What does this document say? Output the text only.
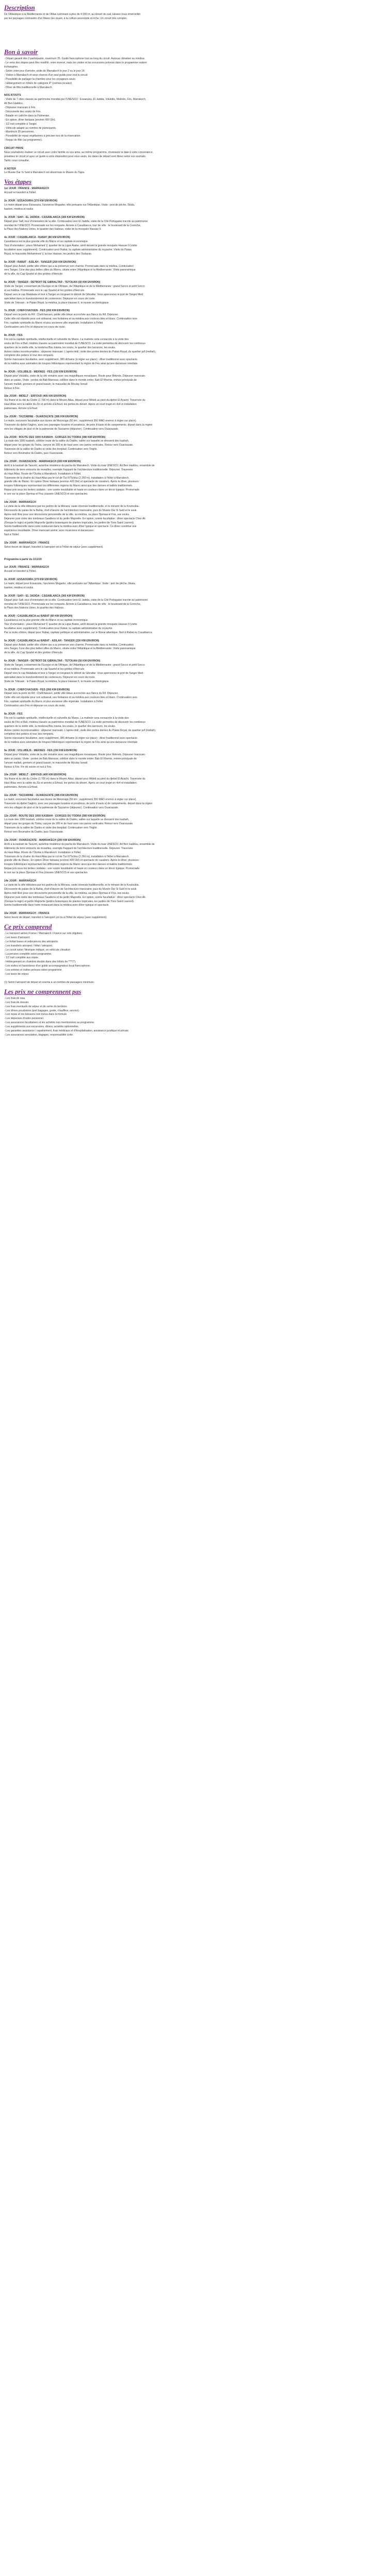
Description
De l'Atlantique à la Méditerranée et de l'Atlas culminant à plus de 4 000 m, au désert du sud, laissez-vous émerveiller
par les paysages contrastés d'un Maroc bio vivant, à la culture ancestrale et riche. Un circuit très complet.
Bon à savoir
- Départ garanti dès 2 participants, maximum 35. Guide francophone tout au long du circuit. Autocar climatisé ou minibus.
- Le sens des étapes peut être modifié, voire inversé, mais les visites et les excursions prévues dans le programme restent
inchangées.
- Selon votre jour d'arrivée, visite de Marrakech le jour 2 ou le jour 14.
- Visites à Marrakech et sous réserve d'un seul guide pour tout le circuit.
- Possibilité de partager la chambre pour les voyageurs seuls.
- Hébergement en hôtels de catégorie 4* (normes locales).
- Dîner de fête traditionnelle à Marrakech.
NOS ATOUTS
- Visite de 7 sites classés au patrimoine mondial par l'UNESCO : Essaouira, El Jadida, Volubilis, Meknès, Fès, Marrakech,
Aït Ben Haddou.
- Déjeuner marocain à Fès.
- Découverte des souks de Fès.
- Balade en calèche dans la Palmeraie.
- En option, dîner fantasia (environ 420 DH).
- 1/2 nuit complète à Tanger.
- Véhicule adapté au nombre de participants.
- Maximum 35 personnes.
- Possibilité de repas végétariens à préciser lors de la réservation.
- Repas de fête (au programme).
CIRCUIT PRIVÉ
Nous souhaitons réaliser ce circuit avec votre famille ou vos amis, au même programme, choisissez la date à votre convenance.
privatisez le circuit et ayez un guide à votre disposition pour vous seuls, les dates de départ sont libres selon vos souhaits.
Tarifs: nous consulter.
À NOTER
Le Musée Dar Si Saïd à Marrakech est désormais le Musée du Tapis.
Vos étapes
1er JOUR : FRANCE - MARRAKECH
Accueil et transfert à l'hôtel.
2e JOUR : ESSAOUIRA (170 KM ENVIRON)
Le matin départ pour Essaouira, l'ancienne Mogador, ville portuaire sur l'Atlantique. Visite : port de pêche, Skala,
bastion, médina et souks.
3e JOUR : SAFI - EL JADIDA - CASABLANCA (360 KM ENVIRON)
Départ pour Safi, tour d'orientation de la ville. Continuation vers El Jadida, visite de la Cité Portugaise inscrite au patrimoine
mondial de l'UNESCO. Promenade sur les remparts. Arrivée à Casablanca, tour de ville : le boulevard de la Corniche,
la Place des Nations Unies, le quartier des Habous, visite de la mosquée Hassan II.
4e JOUR : CASABLANCA - RABAT (80 KM ENVIRON)
Casablanca est la plus grande ville du Maroc et sa capitale économique.
Tour d'orientation : place Mohamed V, quartier de la Ligue Arabe, arrêt devant la grande mosquée Hassan II (visite
facultative avec supplément). Continuation pour Rabat, la capitale administrative du royaume. Visite du Palais
Royal, le mausolée Mohammed V, la tour Hassan, les jardins des Oudayas.
5e JOUR : RABAT - ASILAH - TANGER (250 KM ENVIRON)
Départ pour Asilah, petite ville côtière qui a su préserver son charme. Promenade dans la médina. Continuation
vers Tanger, l'une des plus belles villes du Maroc, située entre l'Atlantique et la Méditerranée. Visite panoramique
de la ville, du Cap Spartel et des grottes d'Hercule.
6e JOUR : TANGER - DETROIT DE GIBRALTAR - TETOUAN (50 KM ENVIRON)
Visite de Tanger, croisement de l'Europe et de l'Afrique, de l'Atlantique et de la Méditerranée : grand Socco et petit Socco
et sa médina. Promenade vers le cap Spartel et les grottes d'Hercule.
Départ vers le cap Malabata et tour à Tanger en longeant le détroit de Gibraltar. Vous apercevrez le port de Tanger Med
spécialisé dans le transbordement de conteneurs. Déjeuner en cours de route.
Visite de Tétouan : le Palais Royal, la médina, la place Hassan II, le musée archéologique.
7e JOUR : CHEFCHAOUEN - FÈS (260 KM ENVIRON)
Départ vers la perle du Rif : Chefchaouen, petite ville bleue accrochée aux flancs du Rif. Déjeuner.
Cette ville est réputée pour son artisanat, ses fontaines et sa médina aux couleurs bleu et blanc. Continuation vers
Fès, capitale spirituelle du Maroc et plus ancienne ville impériale. Installation à l'hôtel.
Continuation vers Fès et déjeuner en cours de route.
8e JOUR : FÈS
Fès est la capitale spirituelle, intellectuelle et culturelle du Maroc. La matinée sera consacrée à la visite des
souks de Fès el Bali, médina classée au patrimoine mondial de l'UNESCO. La visite permettra de découvrir les nombreux
quartiers de la vieille ville, la medersa Bou Inania, les souks, le quartier des tanneurs, les souks.
Autres visites incontournables : déjeuner marocain. L'après-midi, visite des portes dorées du Palais Royal, du quartier juif (mellah),
complexe des potiers et tour des remparts.
Soirée marocaine facultative, avec supplément, 380 dirhams (à régler sur place) : dîner traditionnel avec spectacle.
de la médina avec animation de troupes folkloriques représentant la région de Fès ainsi qu'une danseuse orientale.
9e JOUR : VOLUBILIS - MEKNÈS - FÈS (150 KM ENVIRON)
Départ pour Volubilis, visite de la cité romaine avec ses magnifiques mosaïques. Route pour Meknès. Déjeuner marocain.
dans un palais. Visite : portes de Bab Mansour, célèbre dans le monde entier, Bab El Khemis, entrée principale de
l'ancien mellah, greniers et grand bassin, le mausolée de Moulay Ismaïl.
Retour à Fès.
10e JOUR : MIDELT - ERFOUD (400 KM ENVIRON)
Via Ifrane et la cité du Cèdre (1 700 m) dans le Moyen Atlas, départ pour Midelt au pied du djebel El Ayachi. Traversée du
Haut Atlas vers la vallée du Ziz et arrivée à Erfoud, les portes du désert. Après un court trajet en 4x4 et installation
palmeraies. Arrivée à Erfoud.
11e JOUR : TAZZARINE - OUARZAZATE (385 KM ENVIRON)
Le matin, excursion facultative aux dunes de Merzouga (50 km ; supplément 350 MAD environ à régler sur place).
Traversée du djebel Saghro, avec ses paysages lunaires et poudreux, de prés d'oasis et de campements, départ dans la région
vers les villages de pisé et de la palmeraie de Tazzarine (déjeuner). Continuation vers Ouarzazate.
12e JOUR : ROUTE DES 1000 KASBAH - GORGES DU TODRA (380 KM ENVIRON)
La route des 1000 kasbah, célèbre route de la vallée du Dadès, vallée sur laquelle se dressent des kasbah,
départ pour les gorges du Todra, canyon de 300 m de haut avec ses parois verticales. Retour vers Ouarzazate.
Traversée de la vallée de Dadès et visite des tinejdad. Continuation vers Tinghir.
Retour vers Boumalne du Dadès, puis Ouarzazate.
13e JOUR : OUARZAZATE - MARRAKECH (200 KM ENVIRON)
Arrêt à la kasbah de Taourirt, autrefois résidence du pacha de Marrakech. Visite du ksar UNESCO, Aït Ben Haddou, ensemble de
bâtiments de terre entourés de murailles, exemple frappant de l'architecture traditionnelle. Déjeuner. Traversée
du Haut Atlas. Route de l'Ourika à Marrakech. Installation à l'hôtel.
Traversée de la chaîne du Haut Atlas par le col de Tizi N'Tichka (2 260 m), installation à l'hôtel à Marrakech.
grande ville du Maroc. En option Dîner fantasia (environ 420 DH) et spectacle de cavaliers. Après le dîner, plusieurs
troupes folkloriques représentant les différentes régions du Maroc ainsi que des danses et ballets traditionnels.
Repas pris sous les tentes caïdales : une soirée inoubliable et haute en couleurs dans un décor typique. Promenade
le soir sur la place Djemaa el Fna (classée UNESCO) et ses spectacles.
14e JOUR : MARRAKECH
La visite de la ville débutera par les jardins de la Ménara, vaste oliveraie traditionnelle, et le minaret de la Koutoubia.
Découverte du palais de la Bahia, chef-d'œuvre de l'architecture marocaine, puis du Musée Dar Si Saïd et le souk.
Après-midi libre pour une découverte personnelle de la ville, sa médina, sa place Djemaa el Fna, ses souks.
Déjeuner puis visite des tombeaux Saadiens et du jardin Majorelle. En option, soirée facultative : dîner spectacle Chez Ali.
(Groupe le login) et jardin Majorelle (jardins botaniques de plantes tropicales, les jardins de Yves Saint Laurent).
Soirée traditionnelle dans notre restaurant dans la médina avec dîner typique et spectacle. Ce dîner constitue une
expérience inoubliable. Dîner marocain animé, avec musiciens et danseuses.
Nuit à l'hôtel.
15e JOUR : MARRAKECH - FRANCE
Selon heure de départ, transfert à l'aéroport vol à l'hôtel de séjour (avec supplément).
Programme à partir du 1/11/19
1er JOUR : FRANCE - MARRAKECH
Accueil et transfert à l'hôtel.
2e JOUR : ESSAOUIRA (170 KM ENVIRON)
Le matin, départ pour Essaouira, l'ancienne Mogador, ville portuaire sur l'Atlantique. Visite : port de pêche, Skala,
bastion, médina et souks.
3e JOUR : SAFI - EL JADIDA - CASABLANCA (360 KM ENVIRON)
Départ pour Safi, tour d'orientation de la ville. Continuation vers El Jadida, visite de la Cité Portugaise inscrite au patrimoine
mondial de l'UNESCO. Promenade sur les remparts. Arrivée à Casablanca, tour de ville : le boulevard de la Corniche,
la Place des Nations Unies, le quartier des Habous.
4e JOUR : CASABLANCA ou RABAT (80 KM ENVIRON)
Casablanca est la plus grande ville du Maroc et sa capitale économique.
Tour d'orientation : place Mohamed V, quartier de la Ligue Arabe, arrêt devant la grande mosquée Hassan II (visite
facultative avec supplément). Continuation pour Rabat, la capitale administrative du royaume.
Par la route côtière, départ pour Rabat, capitale politique et administrative, sur le littoral atlantique. Nuit à Rabat ou Casablanca.
5e JOUR : CASABLANCA ou RABAT - ASILAH - TANGER (230 KM ENVIRON)
Départ pour Asilah, petite ville côtière qui a su préserver son charme. Promenade dans la médina. Continuation
vers Tanger, l'une des plus belles villes du Maroc, située entre l'Atlantique et la Méditerranée. Visite panoramique
de la ville, du Cap Spartel et des grottes d'Hercule.
6e JOUR : TANGER - DETROIT DE GIBRALTAR - TETOUAN (50 KM ENVIRON)
Visite de Tanger, croisement de l'Europe et de l'Afrique, de l'Atlantique et de la Méditerranée : grand Socco et petit Socco
et sa médina. Promenade vers le cap Spartel et les grottes d'Hercule.
Départ vers le cap Malabata et tour à Tanger en longeant le détroit de Gibraltar. Vous apercevrez le port de Tanger Med
spécialisé dans le transbordement de conteneurs. Déjeuner en cours de route.
Visite de Tétouan : le Palais Royal, la médina, la place Hassan II, le musée archéologique.
7e JOUR : CHEFCHAOUEN - FÈS (260 KM ENVIRON)
Départ vers la perle du Rif : Chefchaouen, petite ville bleue accrochée aux flancs du Rif. Déjeuner.
Cette ville est réputée pour son artisanat, ses fontaines et sa médina aux couleurs bleu et blanc. Continuation vers
Fès, capitale spirituelle du Maroc et plus ancienne ville impériale. Installation à l'hôtel.
Continuation vers Fès et déjeuner en cours de route.
8e JOUR : FÈS
Fès est la capitale spirituelle, intellectuelle et culturelle du Maroc. La matinée sera consacrée à la visite des
souks de Fès el Bali, médina classée au patrimoine mondial de l'UNESCO. La visite permettra de découvrir les nombreux
quartiers de la vieille ville, la medersa Bou Inania, les souks, le quartier des tanneurs, les souks.
Autres visites incontournables : déjeuner marocain. L'après-midi, visite des portes dorées du Palais Royal, du quartier juif (mellah),
complexe des potiers et tour des remparts.
Soirée marocaine facultative, avec supplément, 380 dirhams (à régler sur place) : dîner traditionnel avec spectacle.
de la médina avec animation de troupes folkloriques représentant la région de Fès ainsi qu'une danseuse orientale.
9e JOUR : VOLUBILIS - MEKNÈS - FÈS (150 KM ENVIRON)
Départ pour Volubilis, visite de la cité romaine avec ses magnifiques mosaïques. Route pour Meknès. Déjeuner marocain.
dans un palais. Visite : portes de Bab Mansour, célèbre dans le monde entier, Bab El Khemis, entrée principale de
l'ancien mellah, greniers et grand bassin, le mausolée de Moulay Ismaïl.
Retour à Fès. Fin de soirée et nuit à Fès.
10e JOUR : MIDELT - ERFOUD (400 KM ENVIRON)
Via Ifrane et la cité du Cèdre (1 700 m) dans le Moyen Atlas, départ pour Midelt au pied du djebel El Ayachi. Traversée du
Haut Atlas vers la vallée du Ziz et arrivée à Erfoud, les portes du désert. Après un court trajet en 4x4 et installation
palmeraies. Arrivée à Erfoud.
11e JOUR : TAZZARINE - OUARZAZATE (385 KM ENVIRON)
Le matin, excursion facultative aux dunes de Merzouga (50 km ; supplément 350 MAD environ à régler sur place).
Traversée du djebel Saghro, avec ses paysages lunaires et poudreux, de prés d'oasis et de campements, départ dans la région
vers les villages de pisé et de la palmeraie de Tazzarine (déjeuner). Continuation vers Ouarzazate.
12e JOUR : ROUTE DES 1000 KASBAH - GORGES DU TODRA (380 KM ENVIRON)
La route des 1000 kasbah, célèbre route de la vallée du Dadès, vallée sur laquelle se dressent des kasbah,
départ pour les gorges du Todra, canyon de 300 m de haut avec ses parois verticales. Retour vers Ouarzazate.
Traversée de la vallée de Dadès et visite des tinejdad. Continuation vers Tinghir.
Retour vers Boumalne du Dadès, puis Ouarzazate.
13e JOUR : OUARZAZATE - MARRAKECH (200 KM ENVIRON)
Arrêt à la kasbah de Taourirt, autrefois résidence du pacha de Marrakech. Visite du ksar UNESCO, Aït Ben Haddou, ensemble de
bâtiments de terre entourés de murailles, exemple frappant de l'architecture traditionnelle. Déjeuner. Traversée
du Haut Atlas. Route de l'Ourika à Marrakech. Installation à l'hôtel.
Traversée de la chaîne du Haut Atlas par le col de Tizi N'Tichka (2 260 m), installation à l'hôtel à Marrakech.
grande ville du Maroc. En option Dîner fantasia (environ 420 DH) et spectacle de cavaliers. Après le dîner, plusieurs
troupes folkloriques représentant les différentes régions du Maroc ainsi que des danses et ballets traditionnels.
Repas pris sous les tentes caïdales : une soirée inoubliable et haute en couleurs dans un décor typique. Promenade
le soir sur la place Djemaa el Fna (classée UNESCO) et ses spectacles.
14e JOUR : MARRAKECH
La visite de la ville débutera par les jardins de la Ménara, vaste oliveraie traditionnelle, et le minaret de la Koutoubia.
Découverte du palais de la Bahia, chef-d'œuvre de l'architecture marocaine, puis du Musée Dar Si Saïd et le souk.
Après-midi libre pour une découverte personnelle de la ville, sa médina, sa place Djemaa el Fna, ses souks.
Déjeuner puis visite des tombeaux Saadiens et du jardin Majorelle. En option, soirée facultative : dîner spectacle Chez Ali.
(Groupe le login) et jardin Majorelle (jardins botaniques de plantes tropicales, les jardins de Yves Saint Laurent).
Soirée traditionnelle dans notre restaurant dans la médina avec dîner typique et spectacle.
15e JOUR : MARRAKECH - FRANCE
Selon heure de départ, transfert à l'aéroport vol ou à l'hôtel de séjour (avec supplément).
Ce prix comprend
- Le transport aérien France / Marrakech / France sur vols réguliers.
- Les taxes d'aéroport.
- Le forfait bases et redevances des aéroports.
- Les transferts aéroport / hôtel / aéroport.
- Le circuit selon l'itinéraire indiqué, en véhicule climatisé.
- La pension complète selon programme.
- 1/2 nuit complète aux repas.
- Hébergement en chambre double dans des hôtels de ****(*).
- Les visites et l'assistance d'un guide accompagnateur local francophone.
- Les entrées et visites prévues selon programme.
- Les taxes de séjour.
(1) Selon l'aéroport de départ et soumis à un nombre de passagers minimum.
Les prix ne comprennent pas
- Les frais de visa.
- Les frais de dossier.
- Les frais éventuels de séjour et de sortie du territoire.
- Les dîners pourboires (port bagages, guide, chauffeur, service).
- Les repas et les boissons non inclus dans la formule.
- Les dépenses d'ordre personnel.
- Les assurances facultatives et les activités non mentionnées au programme.
- Les suppléments aux excursions, dîners, activités optionnelles.
- Les garanties assistance / rapatriement, frais médicaux et d'hospitalisation, assistance juridique et pénale.
- Les assurances annulation, bagages, responsabilité civile.
